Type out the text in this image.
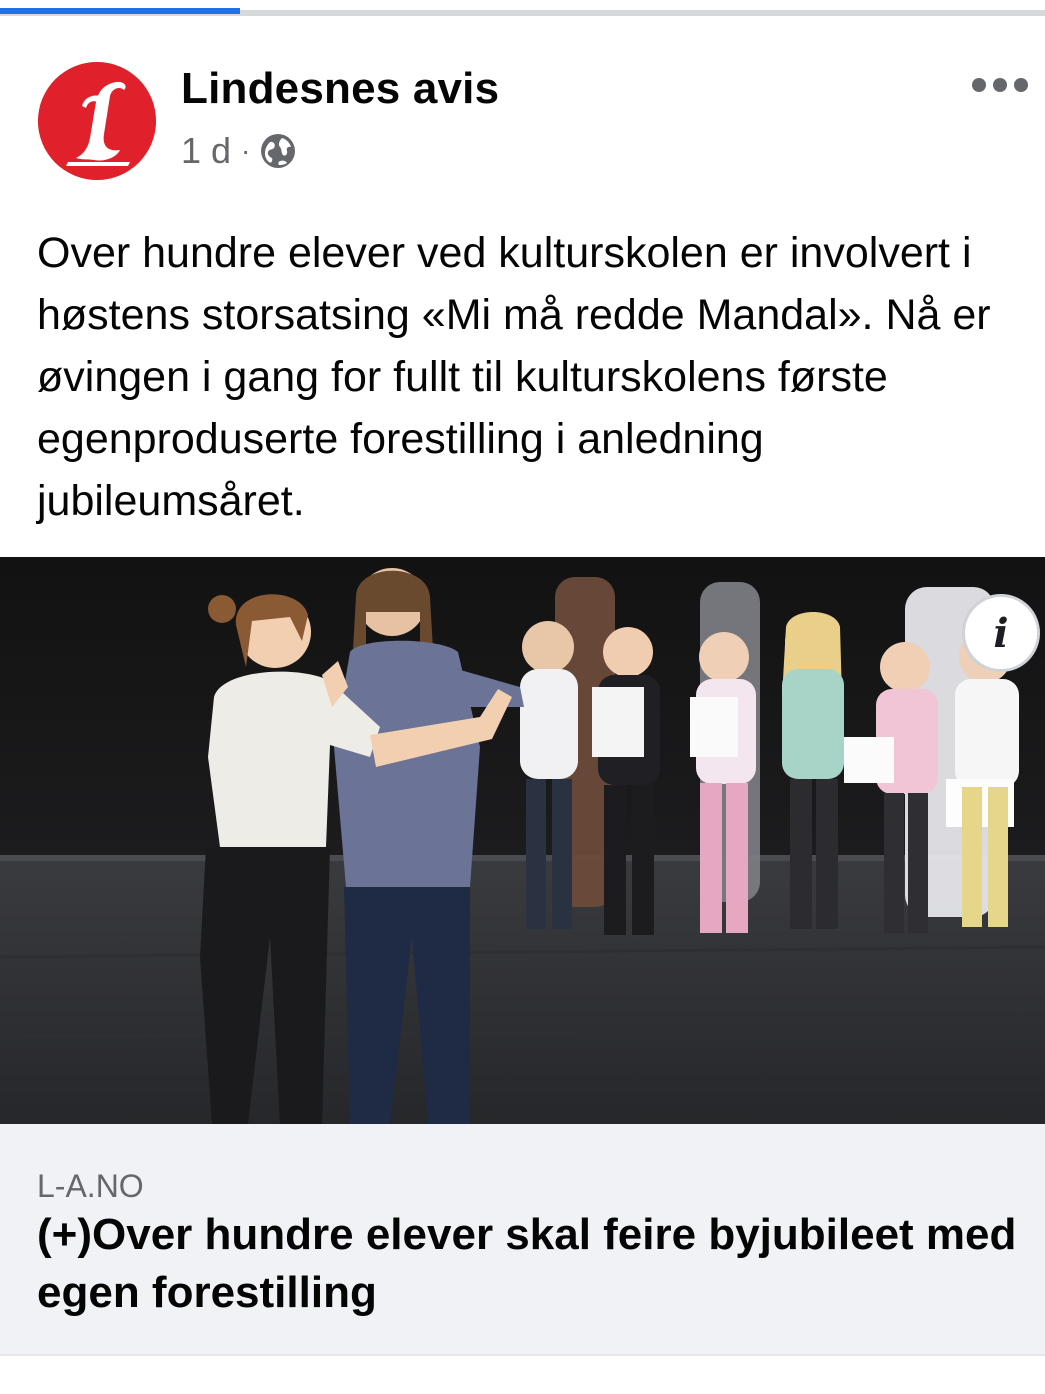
Lindesnes avis
1 d ·
Over hundre elever ved kulturskolen er involvert i høstens storsatsing «Mi må redde Mandal». Nå er øvingen i gang for fullt til kulturskolens første egenproduserte forestilling i anledning jubileumsåret.
i
L-A.NO
(+)Over hundre elever skal feire byjubileet med egen forestilling
